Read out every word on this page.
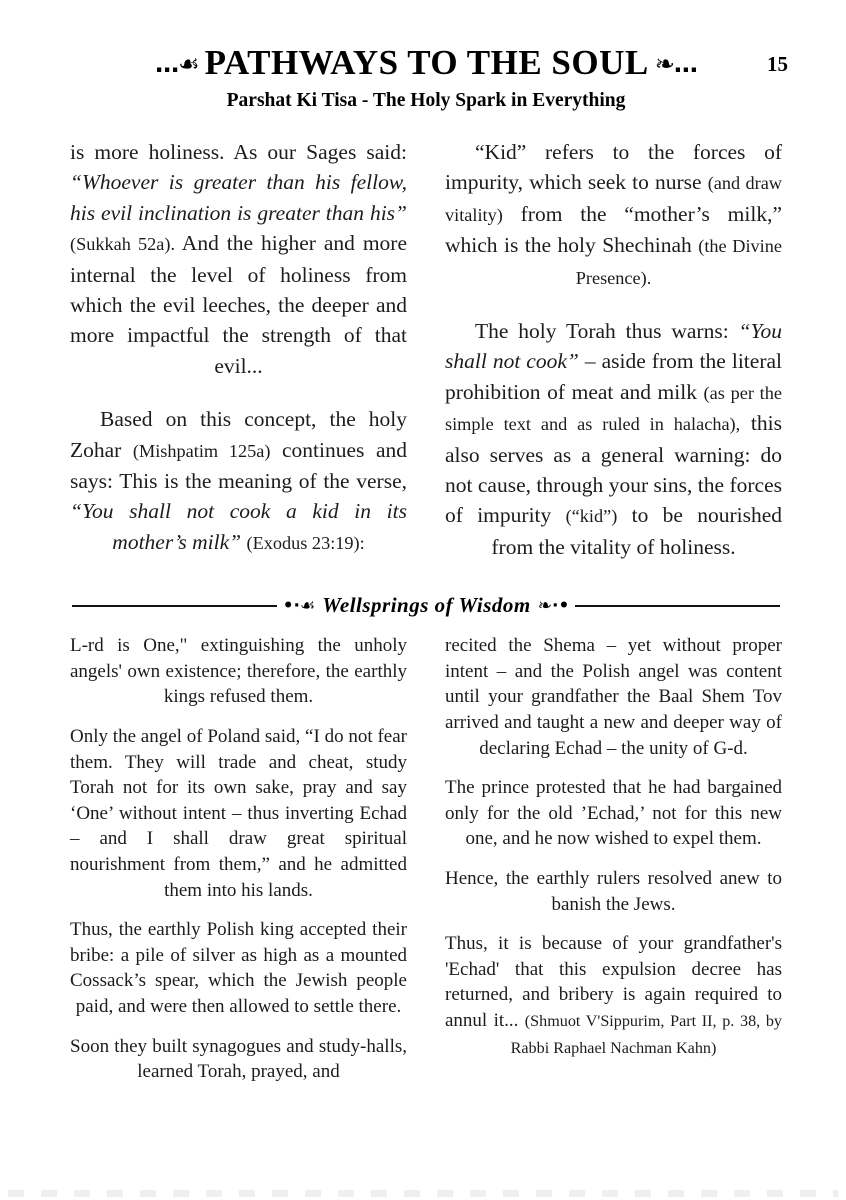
…☙ PATHWAYS TO THE SOUL ❧…	15
Parshat Ki Tisa - The Holy Spark in Everything

is more holiness. As our Sages said: “Whoever is greater than his fellow, his evil inclination is greater than his” (Sukkah 52a). And the higher and more internal the level of holiness from which the evil leeches, the deeper and more impactful the strength of that evil...

Based on this concept, the holy Zohar (Mishpatim 125a) continues and says: This is the meaning of the verse, “You shall not cook a kid in its mother’s milk” (Exodus 23:19):

“Kid” refers to the forces of impurity, which seek to nurse (and draw vitality) from the “mother’s milk,” which is the holy Shechinah (the Divine Presence).

The holy Torah thus warns: “You shall not cook” – aside from the literal prohibition of meat and milk (as per the simple text and as ruled in halacha), this also serves as a general warning: do not cause, through your sins, the forces of impurity (“kid”) to be nourished from the vitality of holiness.

•·☙ Wellsprings of Wisdom ❧·•

L-rd is One," extinguishing the unholy angels' own existence; therefore, the earthly kings refused them.

Only the angel of Poland said, “I do not fear them. They will trade and cheat, study Torah not for its own sake, pray and say ‘One’ without intent – thus inverting Echad – and I shall draw great spiritual nourishment from them,” and he admitted them into his lands.

Thus, the earthly Polish king accepted their bribe: a pile of silver as high as a mounted Cossack’s spear, which the Jewish people paid, and were then allowed to settle there.

Soon they built synagogues and study-halls, learned Torah, prayed, and

recited the Shema – yet without proper intent – and the Polish angel was content until your grandfather the Baal Shem Tov arrived and taught a new and deeper way of declaring Echad – the unity of G-d.

The prince protested that he had bargained only for the old ’Echad,’ not for this new one, and he now wished to expel them.

Hence, the earthly rulers resolved anew to banish the Jews.

Thus, it is because of your grandfather's 'Echad' that this expulsion decree has returned, and bribery is again required to annul it... (Shmuot V'Sippurim, Part II, p. 38, by Rabbi Raphael Nachman Kahn)
